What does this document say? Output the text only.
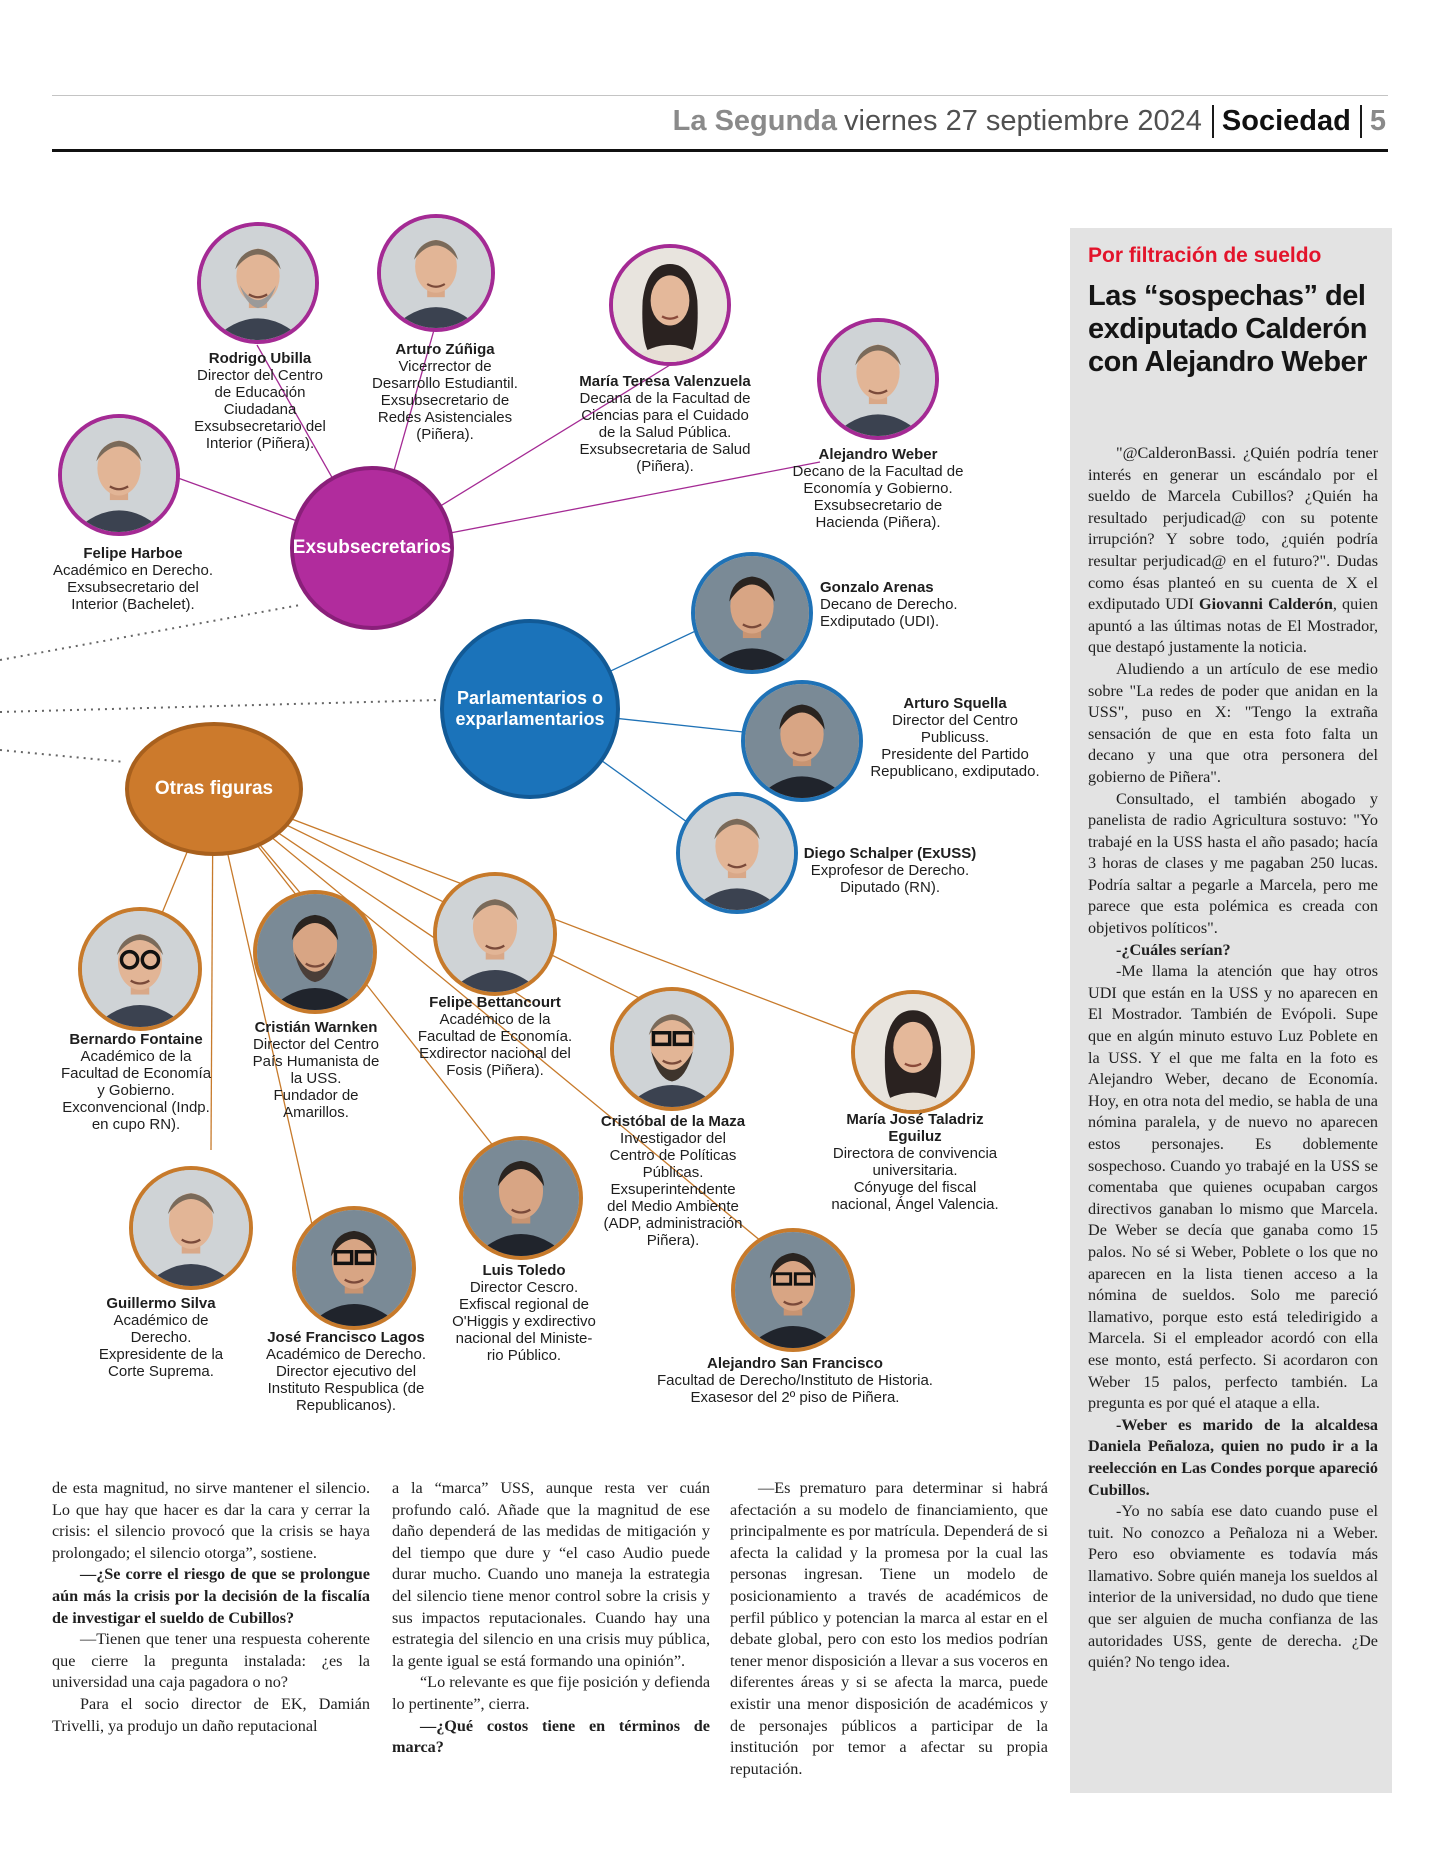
La Segunda viernes 27 septiembre 2024 Sociedad 5
Exsubsecretarios
Parlamentarios o exparlamentarios
Otras figuras
Rodrigo Ubilla
Director del Centro
de Educación
Ciudadana
Exsubsecretario del
Interior (Piñera).
Arturo Zúñiga
Vicerrector de
Desarrollo Estudiantil.
Exsubsecretario de
Redes Asistenciales
(Piñera).
María Teresa Valenzuela
Decana de la Facultad de
Ciencias para el Cuidado
de la Salud Pública.
Exsubsecretaria de Salud
(Piñera).
Alejandro Weber
Decano de la Facultad de
Economía y Gobierno.
Exsubsecretario de
Hacienda (Piñera).
Felipe Harboe
Académico en Derecho.
Exsubsecretario del
Interior (Bachelet).
Gonzalo Arenas
Decano de Derecho.
Exdiputado (UDI).
Arturo Squella
Director del Centro
Publicuss.
Presidente del Partido
Republicano, exdiputado.
Diego Schalper (ExUSS)
Exprofesor de Derecho.
Diputado (RN).
Bernardo Fontaine
Académico de la
Facultad de Economía
y Gobierno.
Exconvencional (Indp.
en cupo RN).
Cristián Warnken
Director del Centro
País Humanista de
la USS.
Fundador de
Amarillos.
Felipe Bettancourt
Académico de la
Facultad de Economía.
Exdirector nacional del
Fosis (Piñera).
Cristóbal de la Maza
Investigador del
Centro de Políticas
Públicas.
Exsuperintendente
del Medio Ambiente
(ADP, administración
Piñera).
María José Taladriz
Eguiluz
Directora de convivencia
universitaria.
Cónyuge del fiscal
nacional, Ángel Valencia.
Guillermo Silva
Académico de
Derecho.
Expresidente de la
Corte Suprema.
José Francisco Lagos
Académico de Derecho.
Director ejecutivo del
Instituto Respublica (de
Republicanos).
Luis Toledo
Director Cescro.
Exfiscal regional de
O'Higgis y exdirectivo
nacional del Ministe-
rio Público.	Alejandro San Francisco
Facultad de Derecho/Instituto de Historia.
Exasesor del 2º piso de Piñera.
Por filtración de sueldo
Las “sospechas” del exdiputado Calderón con Alejandro Weber

"@CalderonBassi. ¿Quién podría tener interés en generar un escándalo por el sueldo de Marcela Cubillos? ¿Quién ha resultado perjudicad@ con su potente irrupción? Y sobre todo, ¿quién podría resultar perjudicad@ en el futuro?". Dudas como ésas planteó en su cuenta de X el exdiputado UDI Giovanni Calderón, quien apuntó a las últimas notas de El Mostrador, que destapó justamente la noticia.

Aludiendo a un artículo de ese medio sobre "La redes de poder que anidan en la USS", puso en X: "Tengo la extraña sensación de que en esta foto falta un decano y una que otra personera del gobierno de Piñera".

Consultado, el también abogado y panelista de radio Agricultura sostuvo: "Yo trabajé en la USS hasta el año pasado; hacía 3 horas de clases y me pagaban 250 lucas. Podría saltar a pegarle a Marcela, pero me parece que esta polémica es creada con objetivos políticos".

-¿Cuáles serían?

-Me llama la atención que hay otros UDI que están en la USS y no aparecen en El Mostrador. También de Evópoli. Supe que en algún minuto estuvo Luz Poblete en la USS. Y el que me falta en la foto es Alejandro Weber, decano de Economía. Hoy, en otra nota del medio, se habla de una nómina paralela, y de nuevo no aparecen estos personajes. Es doblemente sospechoso. Cuando yo trabajé en la USS se comentaba que quienes ocupaban cargos directivos ganaban lo mismo que Marcela. De Weber se decía que ganaba como 15 palos. No sé si Weber, Poblete o los que no aparecen en la lista tienen acceso a la nómina de sueldos. Solo me pareció llamativo, porque esto está teledirigido a Marcela. Si el empleador acordó con ella ese monto, está perfecto. Si acordaron con Weber 15 palos, perfecto también. La pregunta es por qué el ataque a ella.

-Weber es marido de la alcaldesa Daniela Peñaloza, quien no pudo ir a la reelección en Las Condes porque apareció Cubillos.

-Yo no sabía ese dato cuando puse el tuit. No conozco a Peñaloza ni a Weber. Pero eso obviamente es todavía más llamativo. Sobre quién maneja los sueldos al interior de la universidad, no dudo que tiene que ser alguien de mucha confianza de las autoridades USS, gente de derecha. ¿De quién? No tengo idea.

de esta magnitud, no sirve mantener el silencio. Lo que hay que hacer es dar la cara y cerrar la crisis: el silencio provocó que la crisis se haya prolongado; el silencio otorga”, sostiene.

—¿Se corre el riesgo de que se prolongue aún más la crisis por la decisión de la fiscalía de investigar el sueldo de Cubillos?

—Tienen que tener una respuesta coherente que cierre la pregunta instalada: ¿es la universidad una caja pagadora o no?

Para el socio director de EK, Damián Trivelli, ya produjo un daño reputacional

a la “marca” USS, aunque resta ver cuán profundo caló. Añade que la magnitud de ese daño dependerá de las medidas de mitigación y del tiempo que dure y “el caso Audio puede durar mucho. Cuando uno maneja la estrategia del silencio tiene menor control sobre la crisis y sus impactos reputacionales. Cuando hay una estrategia del silencio en una crisis muy pública, la gente igual se está formando una opinión”.

“Lo relevante es que fije posición y defienda lo pertinente”, cierra.

—¿Qué costos tiene en términos de marca?

—Es prematuro para determinar si habrá afectación a su modelo de financiamiento, que principalmente es por matrícula. Dependerá de si afecta la calidad y la promesa por la cual las personas ingresan. Tiene un modelo de posicionamiento a través de académicos de perfil público y potencian la marca al estar en el debate global, pero con esto los medios podrían tener menor disposición a llevar a sus voceros en diferentes áreas y si se afecta la marca, puede existir una menor disposición de académicos y de personajes públicos a participar de la institución por temor a afectar su propia reputación.
